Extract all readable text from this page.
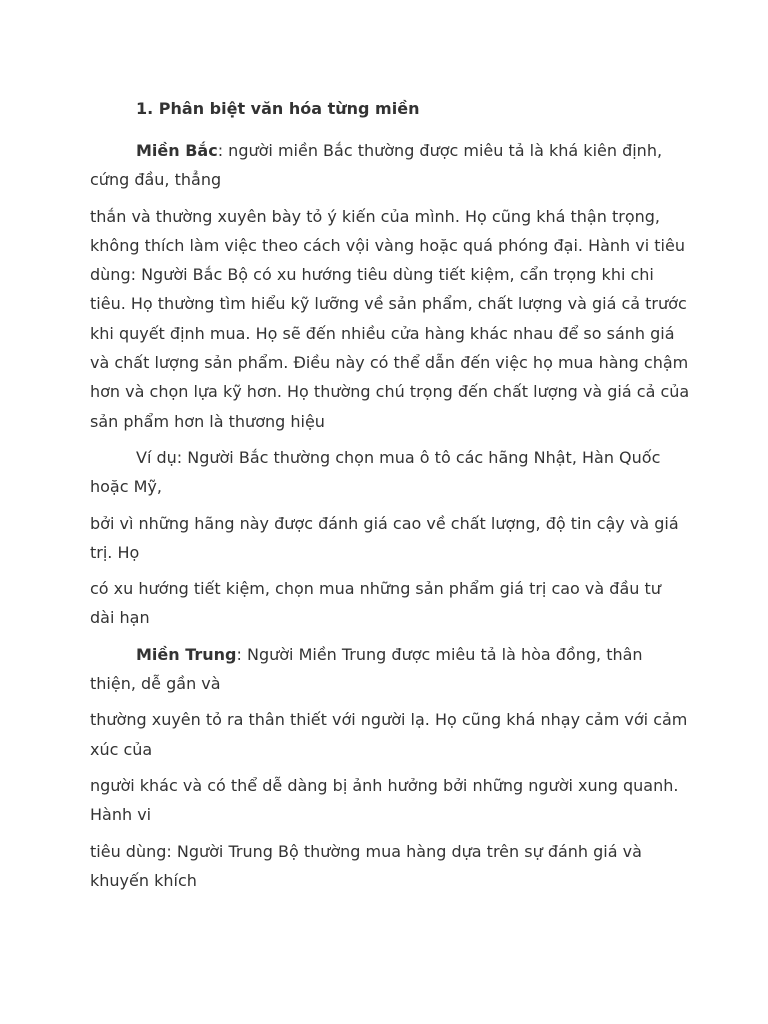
1. Phân biệt văn hóa từng miền

Miền Bắc: người miền Bắc thường được miêu tả là khá kiên định, cứng đầu, thẳng

thắn và thường xuyên bày tỏ ý kiến của mình. Họ cũng khá thận trọng, không thích làm việc theo cách vội vàng hoặc quá phóng đại. Hành vi tiêu dùng: Người Bắc Bộ có xu hướng tiêu dùng tiết kiệm, cẩn trọng khi chi tiêu. Họ thường tìm hiểu kỹ lưỡng về sản phẩm, chất lượng và giá cả trước khi quyết định mua. Họ sẽ đến nhiều cửa hàng khác nhau để so sánh giá và chất lượng sản phẩm. Điều này có thể dẫn đến việc họ mua hàng chậm hơn và chọn lựa kỹ hơn. Họ thường chú trọng đến chất lượng và giá cả của sản phẩm hơn là thương hiệu

Ví dụ: Người Bắc thường chọn mua ô tô các hãng Nhật, Hàn Quốc hoặc Mỹ,

bởi vì những hãng này được đánh giá cao về chất lượng, độ tin cậy và giá trị. Họ

có xu hướng tiết kiệm, chọn mua những sản phẩm giá trị cao và đầu tư dài hạn

Miền Trung: Người Miền Trung được miêu tả là hòa đồng, thân thiện, dễ gần và

thường xuyên tỏ ra thân thiết với người lạ. Họ cũng khá nhạy cảm với cảm xúc của

người khác và có thể dễ dàng bị ảnh hưởng bởi những người xung quanh. Hành vi

tiêu dùng: Người Trung Bộ thường mua hàng dựa trên sự đánh giá và khuyến khích
